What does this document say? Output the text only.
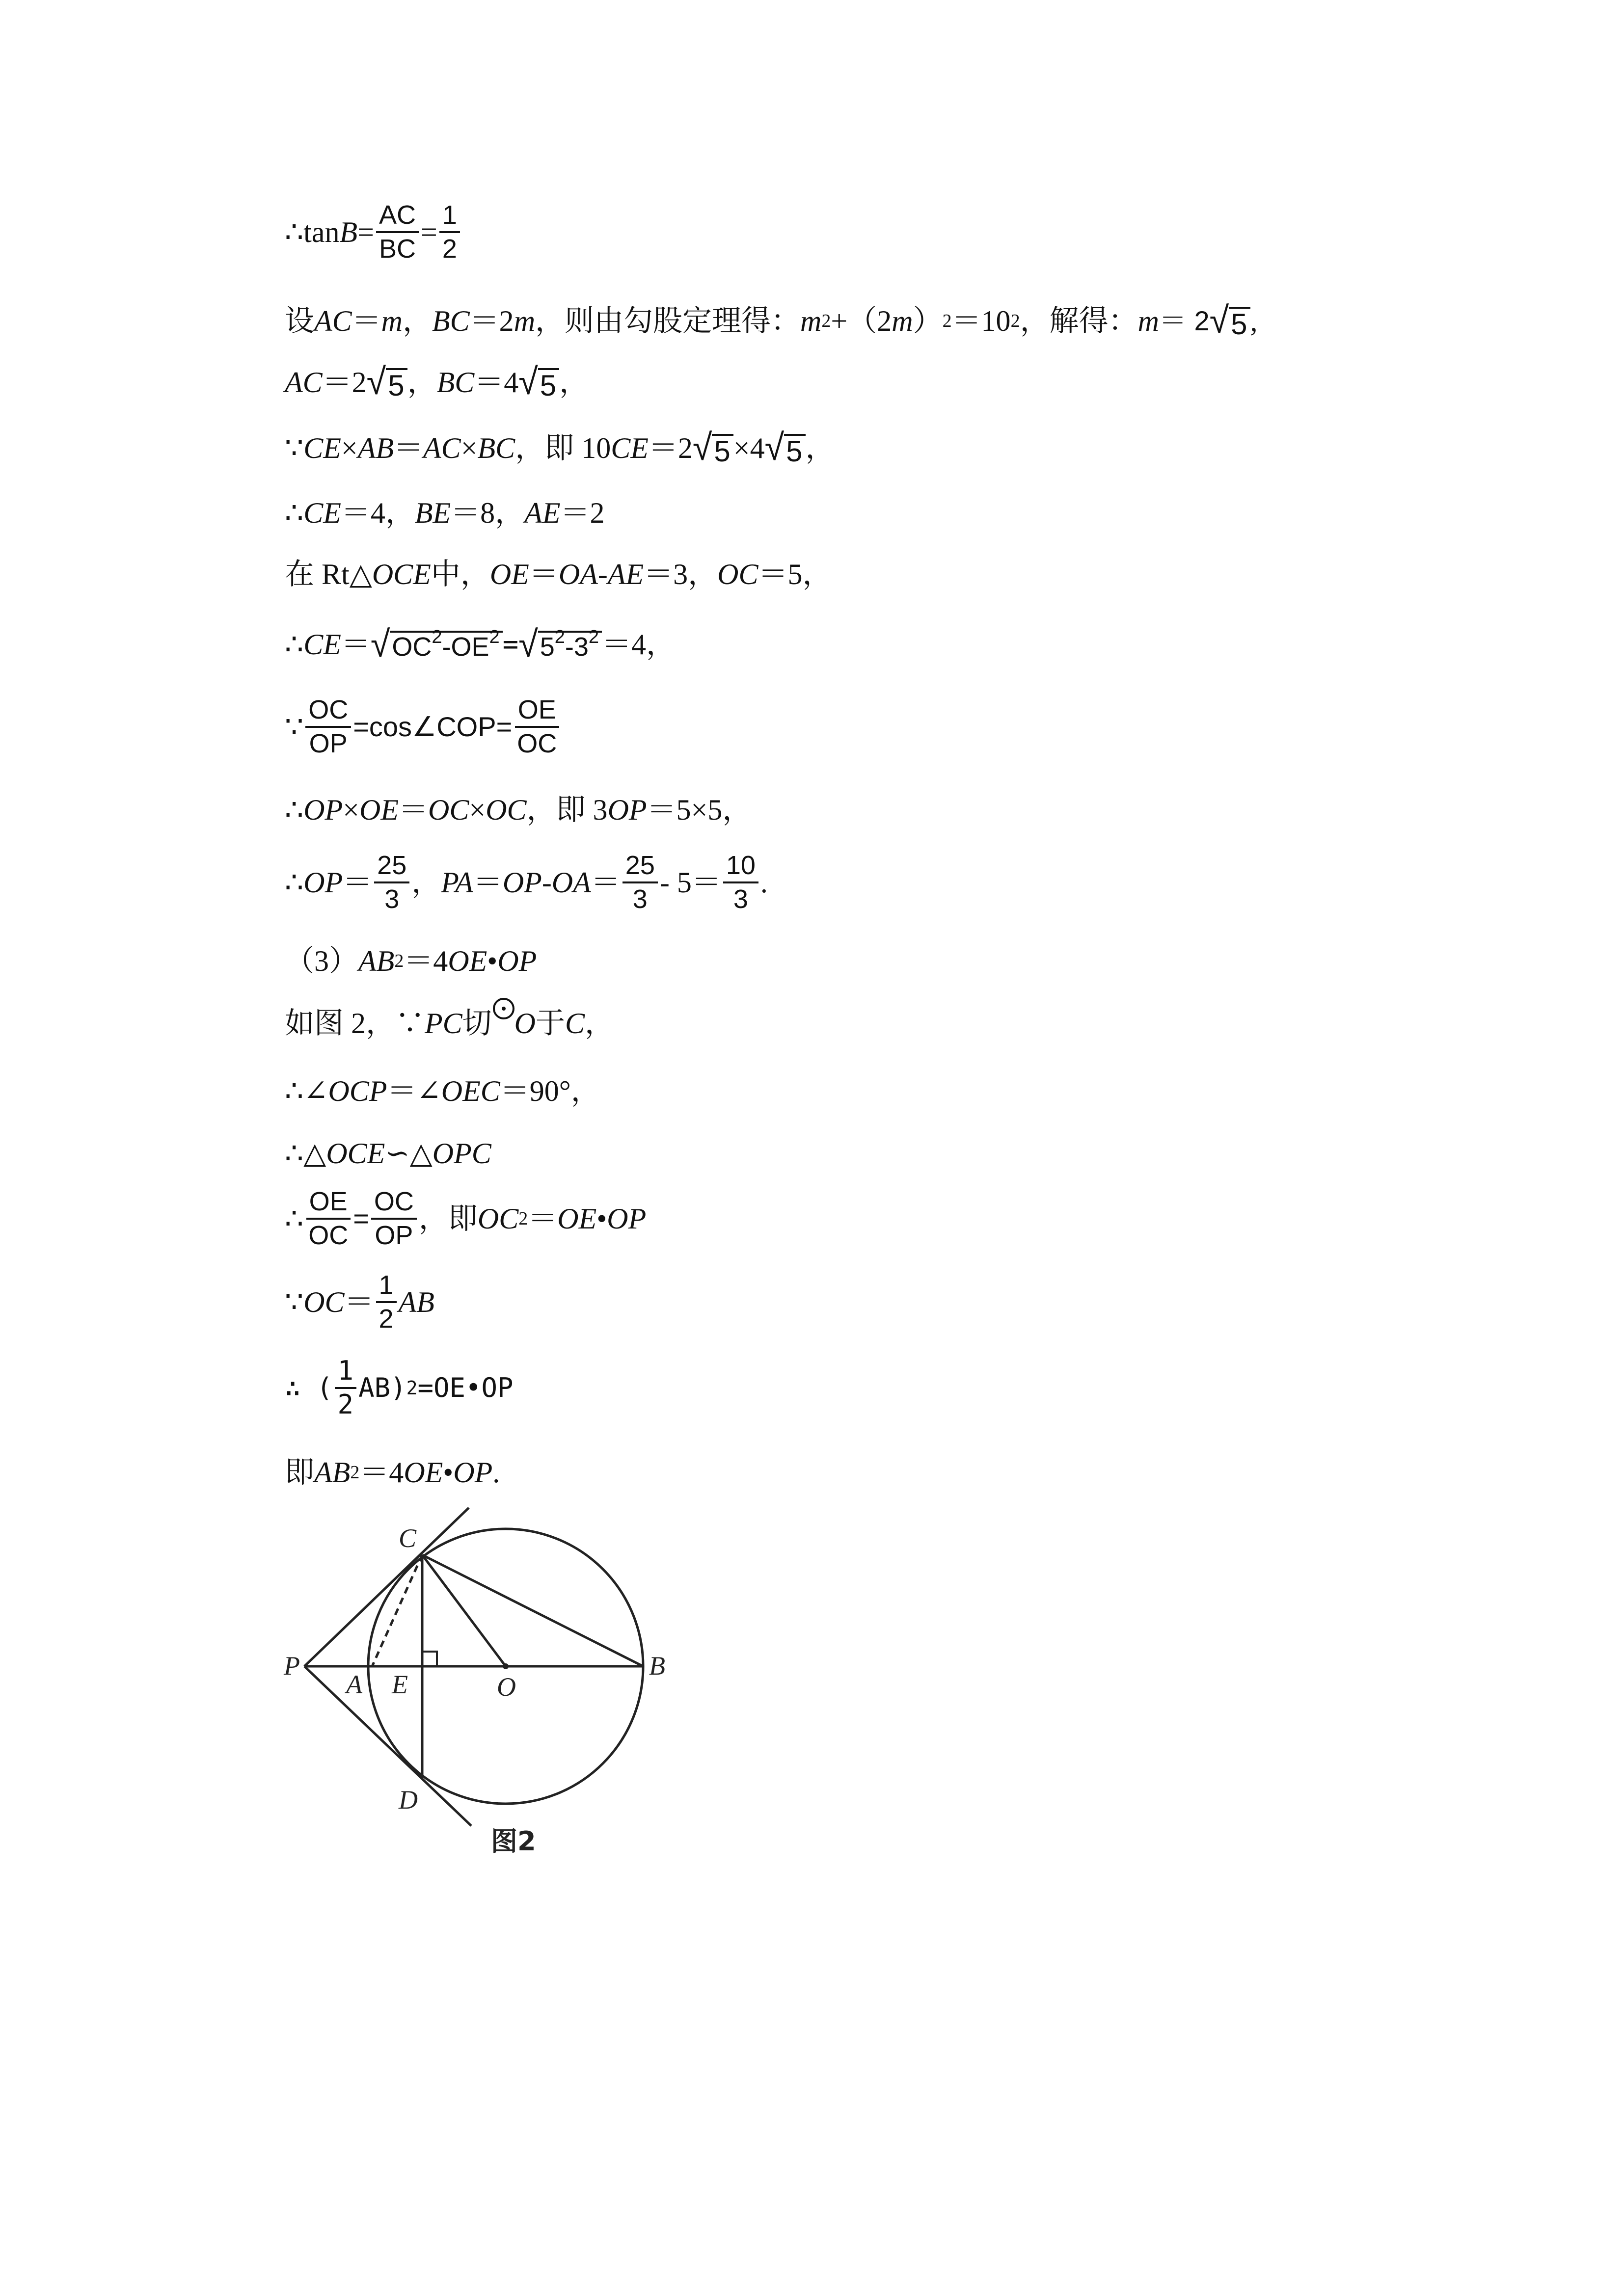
∴tan $B = \frac{AC}{BC} = \frac{1}{2}$
设 AC ＝ m ， BC ＝2 m ，则由勾股定理得： m 2 +（2 m ） 2 ＝10 2 ，解得： m ＝ 2 √ 5 ,
AC ＝2 √ 5 ， BC ＝4 √ 5 ，
∵ CE × AB ＝ AC × BC ，即 10 CE ＝2 √ 5 ×4 √ 5 ，
∴ CE ＝4， BE ＝8， AE ＝2
在 Rt△ OCE 中， OE ＝ OA - AE ＝3， OC ＝5，
∴ CE ＝ √ $OC^2-OE^2$ = √ $5^2-3^2 =4$，
∵ $\frac{OC}{OP}$ =cos∠COP= $\frac{OE}{OC}$
∴ OP × OE ＝ OC × OC ，即 3 OP ＝5×5，
∴ OP ＝ $\frac{25}{3}$ ， PA ＝ OP - OA ＝ $\frac{25}{3} - 5= \frac{10}{3}$ .
（3） AB 2 ＝4 OE • OP
如图 2，∵ PC 切 O 于 C ，
∴∠ OCP ＝∠ OEC ＝90°，
∴△ OCE ∽△ OPC
∴ $\frac{OE}{OC} = \frac{OC}{OP}$ ，即 OC 2 ＝ OE • OP
∵ OC ＝ $\frac{1}{2}$ AB
∴ ( $\frac{1}{2} AB$) 2 =OE•OP
即 AB 2 ＝4 OE • OP .
C
P
A E	O
B
D
图2
